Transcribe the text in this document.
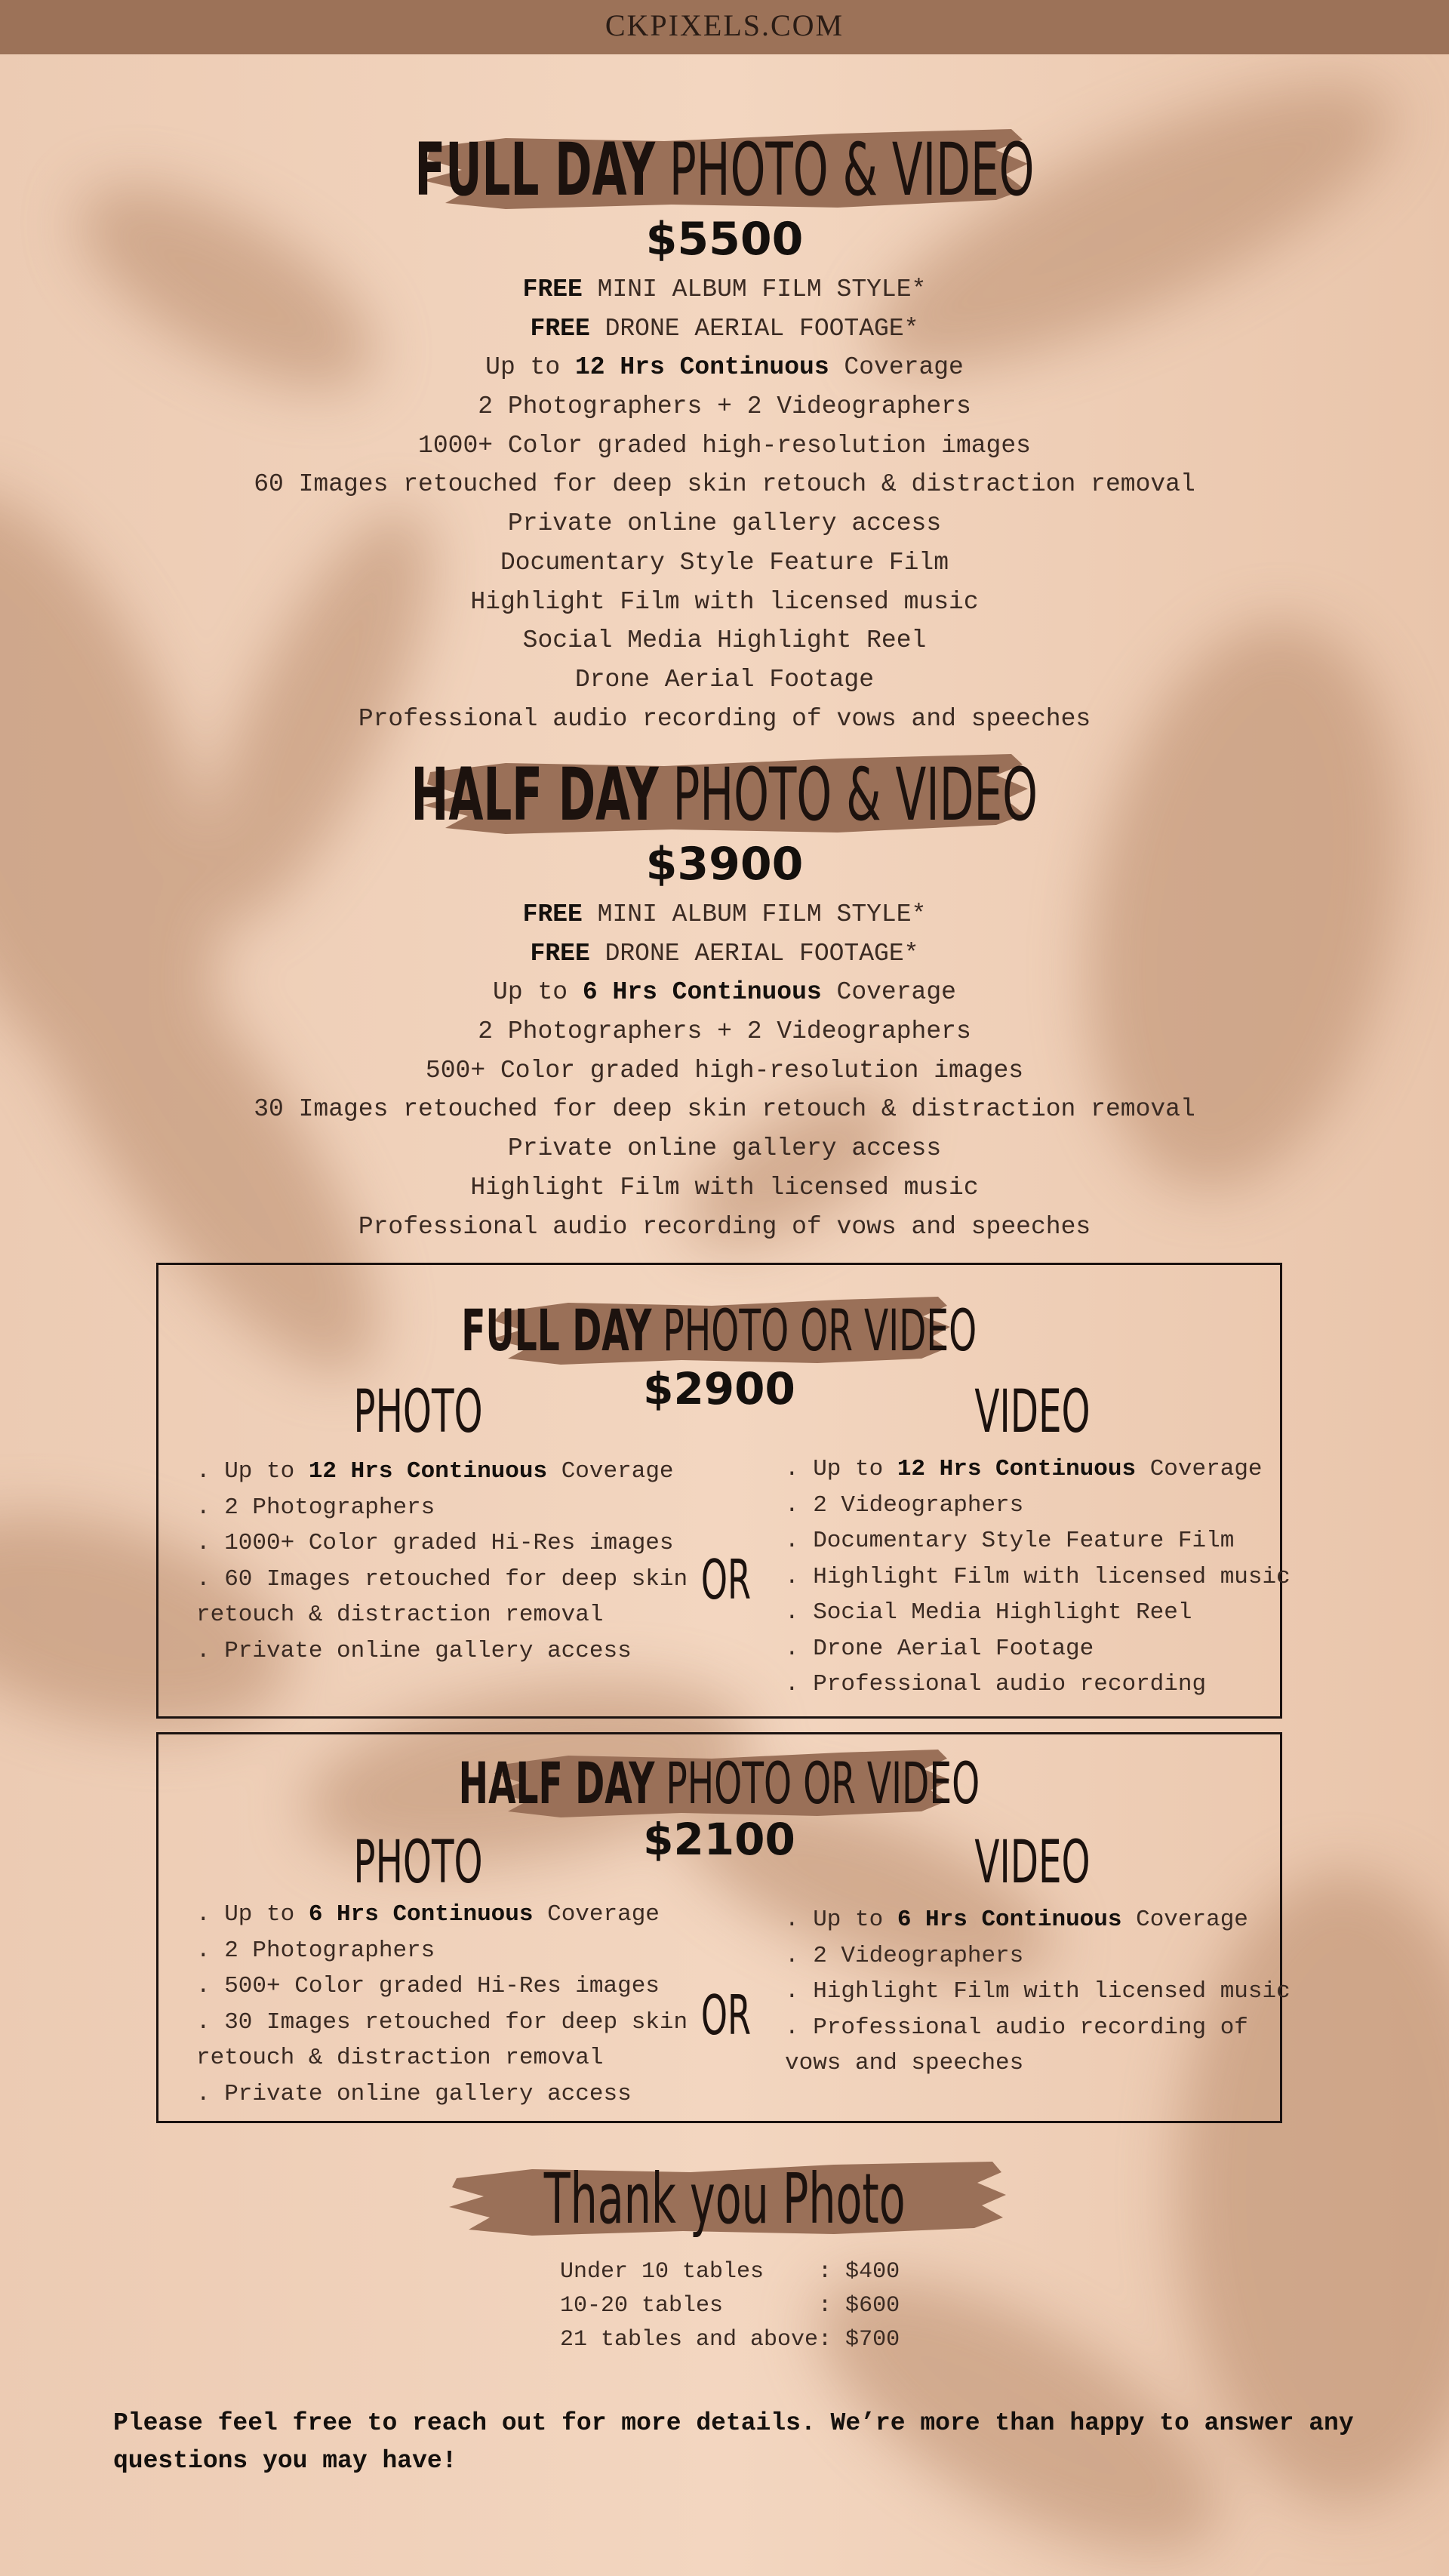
CKPIXELS.COM
FULL DAY PHOTO & VIDEO
$5500
FREE MINI ALBUM FILM STYLE*
FREE DRONE AERIAL FOOTAGE*
Up to 12 Hrs Continuous Coverage
2 Photographers + 2 Videographers
1000+ Color graded high-resolution images
60 Images retouched for deep skin retouch & distraction removal
Private online gallery access
Documentary Style Feature Film
Highlight Film with licensed music
Social Media Highlight Reel
Drone Aerial Footage
Professional audio recording of vows and speeches
HALF DAY PHOTO & VIDEO
$3900
FREE MINI ALBUM FILM STYLE*
FREE DRONE AERIAL FOOTAGE*
Up to 6 Hrs Continuous Coverage
2 Photographers + 2 Videographers
500+ Color graded high-resolution images
30 Images retouched for deep skin retouch & distraction removal
Private online gallery access
Highlight Film with licensed music
Professional audio recording of vows and speeches
FULL DAY PHOTO OR VIDEO
$2900
PHOTO	VIDEO
. Up to 12 Hrs Continuous Coverage
. 2 Photographers
. 1000+ Color graded Hi-Res images
. 60 Images retouched for deep skin
retouch & distraction removal
. Private online gallery access
OR
. Up to 12 Hrs Continuous Coverage
. 2 Videographers
. Documentary Style Feature Film
. Highlight Film with licensed music
. Social Media Highlight Reel
. Drone Aerial Footage
. Professional audio recording
HALF DAY PHOTO OR VIDEO
$2100
PHOTO	VIDEO
. Up to 6 Hrs Continuous Coverage
. 2 Photographers
. 500+ Color graded Hi-Res images
. 30 Images retouched for deep skin
retouch & distraction removal
. Private online gallery access
OR
. Up to 6 Hrs Continuous Coverage
. 2 Videographers
. Highlight Film with licensed music
. Professional audio recording of
vows and speeches
Thank you Photo
Under 10 tables    : $400
10-20 tables       : $600
21 tables and above: $700
Please feel free to reach out for more details. We’re more than happy to answer any questions you may have!
